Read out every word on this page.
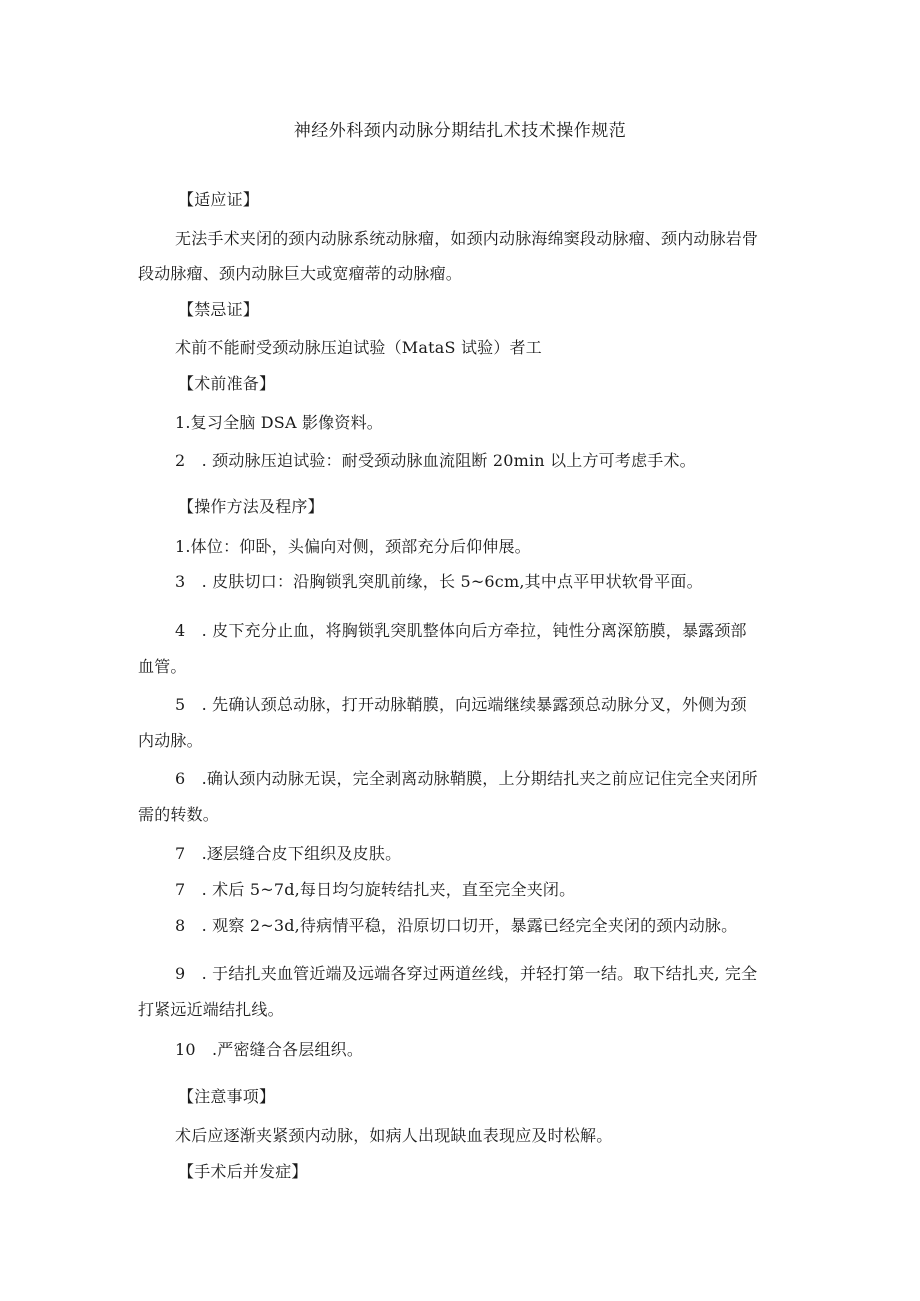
神经外科颈内动脉分期结扎术技术操作规范
【适应证】
无法手术夹闭的颈内动脉系统动脉瘤，如颈内动脉海绵窦段动脉瘤、颈内动脉岩骨
段动脉瘤、颈内动脉巨大或宽瘤蒂的动脉瘤。
【禁忌证】
术前不能耐受颈动脉压迫试验（MataS 试验）者工
【术前准备】
1.复习全脑 DSA 影像资料。
2　. 颈动脉压迫试验：耐受颈动脉血流阻断 20min 以上方可考虑手术。
【操作方法及程序】
1.体位：仰卧，头偏向对侧，颈部充分后仰伸展。
3　. 皮肤切口：沿胸锁乳突肌前缘，长 5~6cm,其中点平甲状软骨平面。
4　. 皮下充分止血，将胸锁乳突肌整体向后方牵拉，钝性分离深筋膜，暴露颈部
血管。
5　. 先确认颈总动脉，打开动脉鞘膜，向远端继续暴露颈总动脉分叉，外侧为颈
内动脉。
6　.确认颈内动脉无误，完全剥离动脉鞘膜，上分期结扎夹之前应记住完全夹闭所
需的转数。
7　.逐层缝合皮下组织及皮肤。
7　. 术后 5~7d,每日均匀旋转结扎夹，直至完全夹闭。
8　. 观察 2~3d,待病情平稳，沿原切口切开，暴露已经完全夹闭的颈内动脉。
9　. 于结扎夹血管近端及远端各穿过两道丝线，并轻打第一结。取下结扎夹, 完全
打紧远近端结扎线。
10　.严密缝合各层组织。
【注意事项】
术后应逐渐夹紧颈内动脉，如病人出现缺血表现应及时松解。
【手术后并发症】
